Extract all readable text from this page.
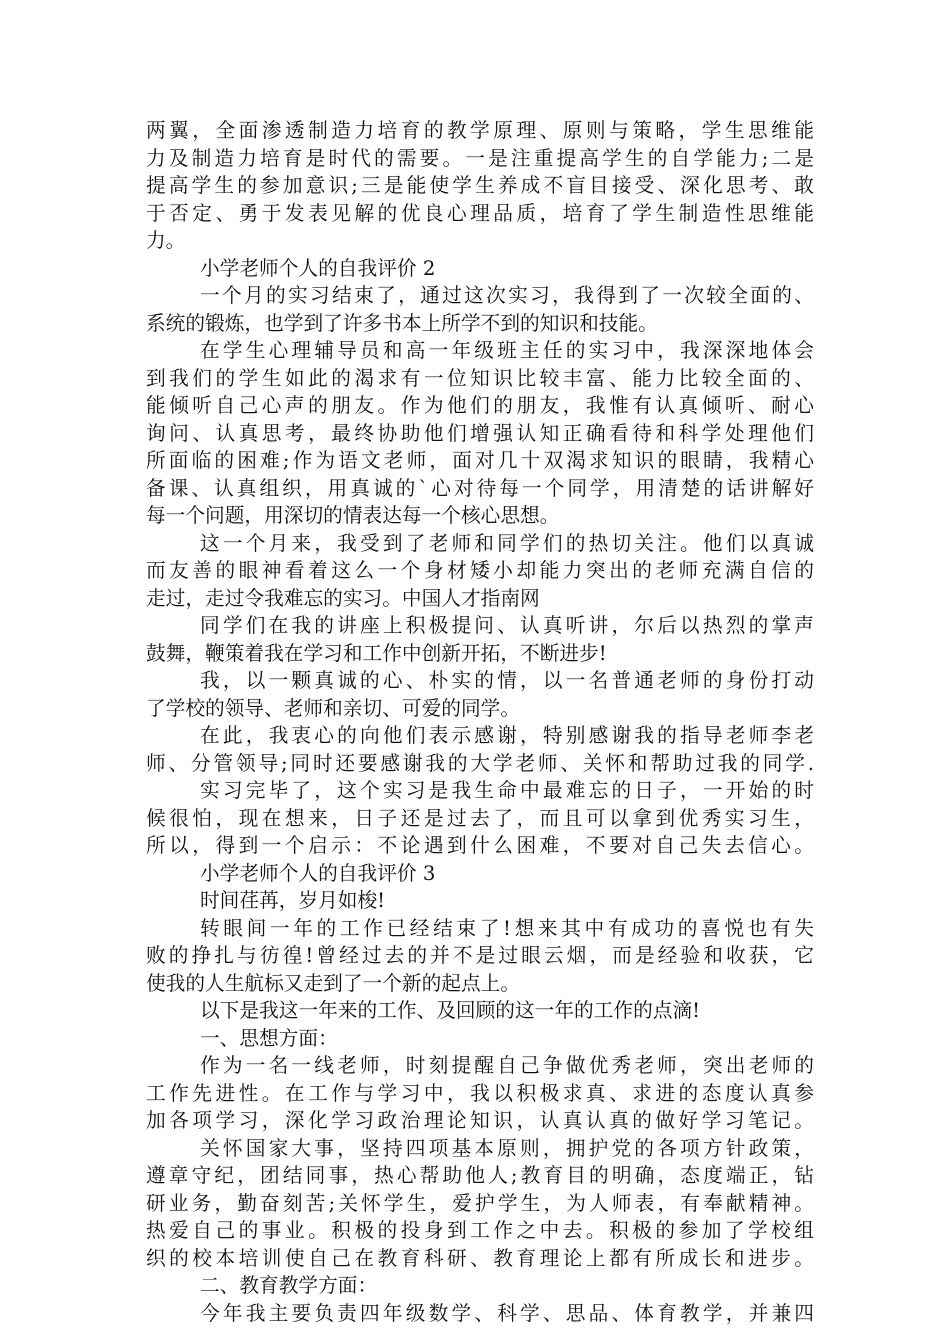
两翼，全面渗透制造力培育的教学原理、原则与策略，学生思维能
力及制造力培育是时代的需要。一是注重提高学生的自学能力;二是
提高学生的参加意识;三是能使学生养成不盲目接受、深化思考、敢
于否定、勇于发表见解的优良心理品质，培育了学生制造性思维能
力。
小学老师个人的自我评价 2
一个月的实习结束了，通过这次实习，我得到了一次较全面的、
系统的锻炼，也学到了许多书本上所学不到的知识和技能。
在学生心理辅导员和高一年级班主任的实习中，我深深地体会
到我们的学生如此的渴求有一位知识比较丰富、能力比较全面的、
能倾听自己心声的朋友。作为他们的朋友，我惟有认真倾听、耐心
询问、认真思考，最终协助他们增强认知正确看待和科学处理他们
所面临的困难;作为语文老师，面对几十双渴求知识的眼睛，我精心
备课、认真组织，用真诚的`心对待每一个同学，用清楚的话讲解好
每一个问题，用深切的情表达每一个核心思想。
这一个月来，我受到了老师和同学们的热切关注。他们以真诚
而友善的眼神看着这么一个身材矮小却能力突出的老师充满自信的
走过，走过令我难忘的实习。中国人才指南网
同学们在我的讲座上积极提问、认真听讲，尔后以热烈的掌声
鼓舞，鞭策着我在学习和工作中创新开拓，不断进步!
我，以一颗真诚的心、朴实的情，以一名普通老师的身份打动
了学校的领导、老师和亲切、可爱的同学。
在此，我衷心的向他们表示感谢，特别感谢我的指导老师李老
师、分管领导;同时还要感谢我的大学老师、关怀和帮助过我的同学.
实习完毕了，这个实习是我生命中最难忘的日子，一开始的时
候很怕，现在想来，日子还是过去了，而且可以拿到优秀实习生，
所以，得到一个启示：不论遇到什么困难，不要对自己失去信心。
小学老师个人的自我评价 3
时间荏苒，岁月如梭!
转眼间一年的工作已经结束了!想来其中有成功的喜悦也有失
败的挣扎与彷徨!曾经过去的并不是过眼云烟，而是经验和收获，它
使我的人生航标又走到了一个新的起点上。
以下是我这一年来的工作、及回顾的这一年的工作的点滴!
一、思想方面：
作为一名一线老师，时刻提醒自己争做优秀老师，突出老师的
工作先进性。在工作与学习中，我以积极求真、求进的态度认真参
加各项学习，深化学习政治理论知识，认真认真的做好学习笔记。
关怀国家大事，坚持四项基本原则，拥护党的各项方针政策，
遵章守纪，团结同事，热心帮助他人;教育目的明确，态度端正，钻
研业务，勤奋刻苦;关怀学生，爱护学生，为人师表，有奉献精神。
热爱自己的事业。积极的投身到工作之中去。积极的参加了学校组
织的校本培训使自己在教育科研、教育理论上都有所成长和进步。
二、教育教学方面：
今年我主要负责四年级数学、科学、思品、体育教学，并兼四
